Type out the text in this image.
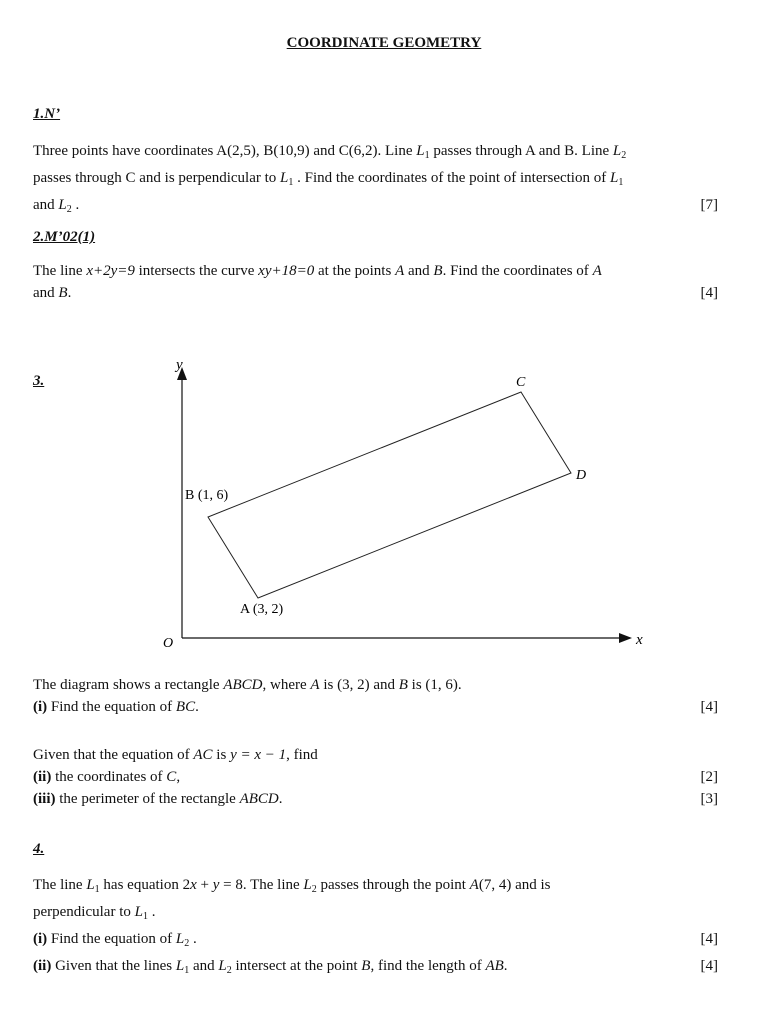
COORDINATE GEOMETRY
1.N’
Three points have coordinates A(2,5), B(10,9) and C(6,2). Line $L_1$ passes through A and B. Line $L_2$
passes through C and is perpendicular to $L_1$ . Find the coordinates of the point of intersection of $L_1$
and $L_2$ .	[7]
2.M’02(1)
The line x+2y=9 intersects the curve xy+18=0 at the points A and B. Find the coordinates of A
and B.	[4]
3.
y
x
O
B (1, 6)
A (3, 2)
C
D
The diagram shows a rectangle ABCD, where A is (3, 2) and B is (1, 6).
(i) Find the equation of BC.	[4]
Given that the equation of AC is y = x − 1, find
(ii) the coordinates of C,	[2]
(iii) the perimeter of the rectangle ABCD.	[3]
4.
The line $L_1$ has equation 2x + y = 8. The line $L_2$ passes through the point A(7, 4) and is
perpendicular to $L_1$ .
(i) Find the equation of $L_2$ .	[4]
(ii) Given that the lines $L_1$ and $L_2$ intersect at the point B, find the length of AB.	[4]
